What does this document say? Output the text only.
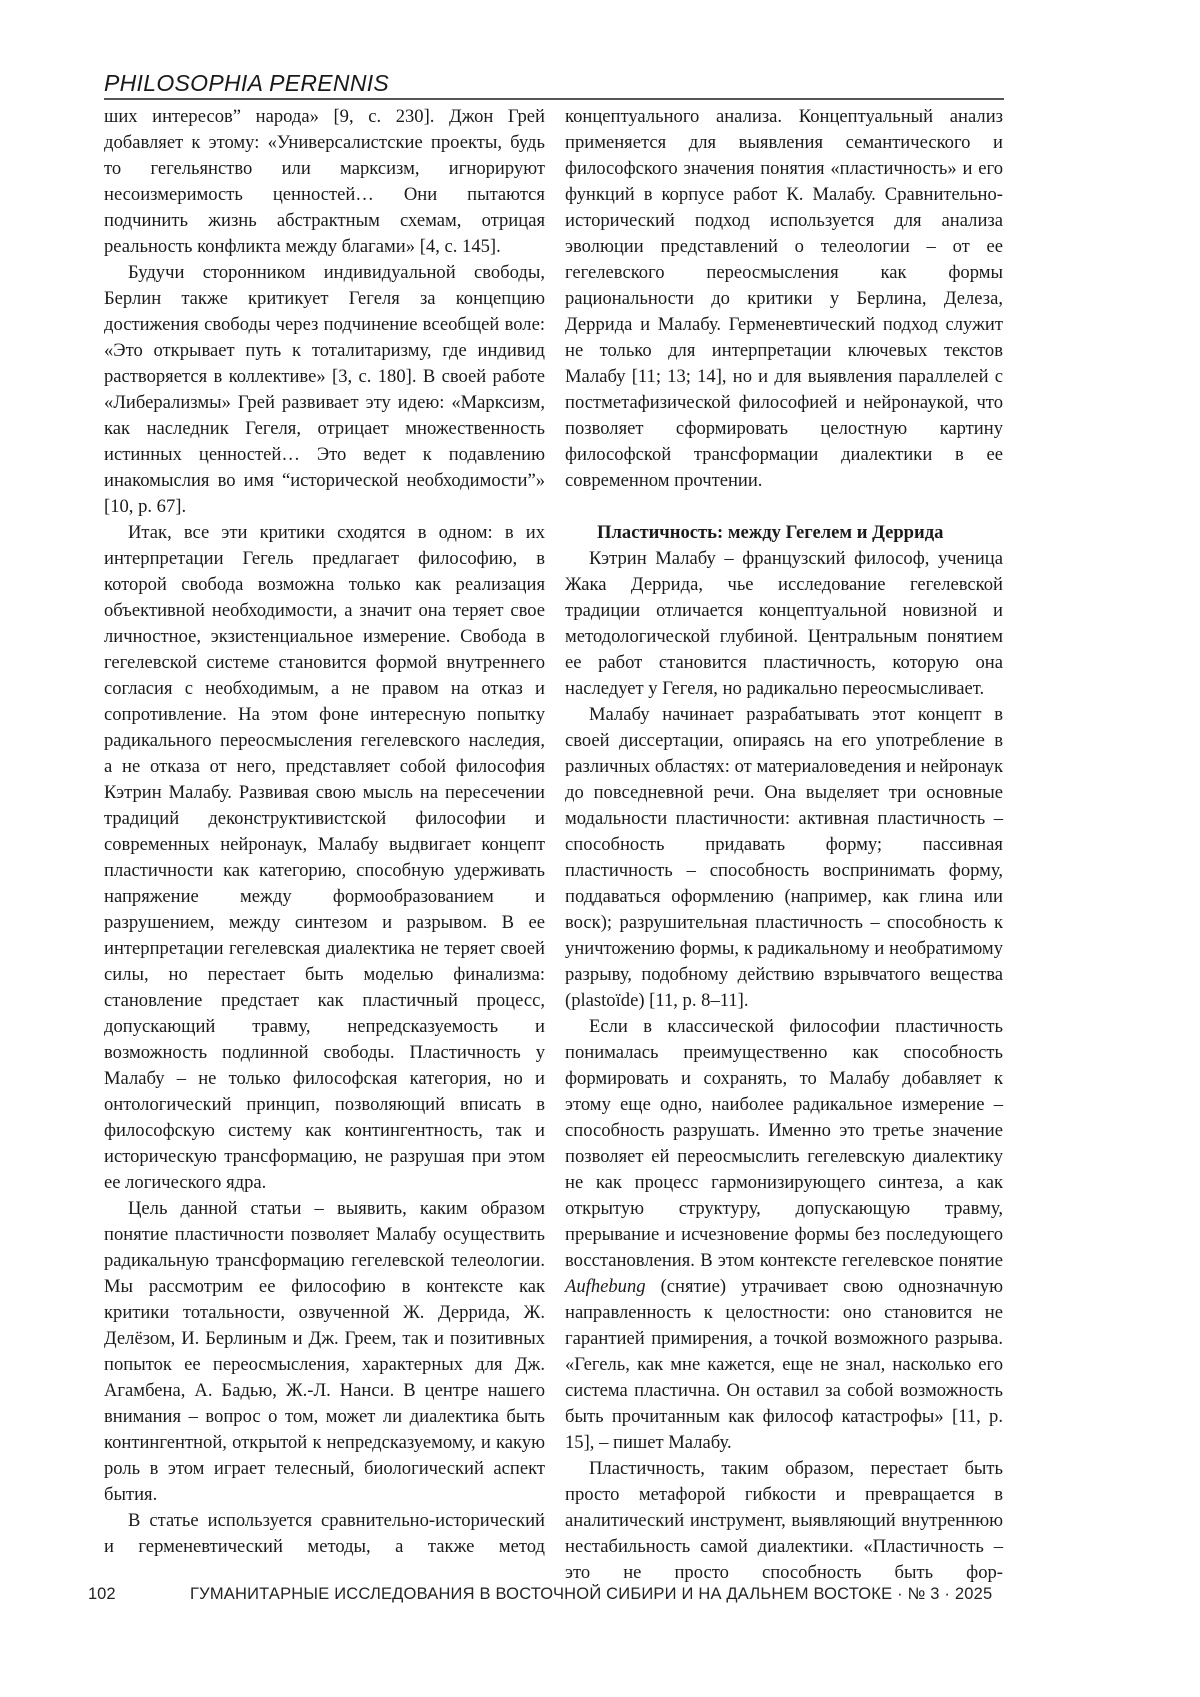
PHILOSOPHIA PERENNIS

ших интересов” народа» [9, с. 230]. Джон Грей добавляет к этому: «Универсалистские проекты, будь то гегельянство или марксизм, игнорируют несоизмеримость ценностей… Они пытаются подчинить жизнь абстрактным схемам, отрицая реальность конфликта между благами» [4, с. 145].

Будучи сторонником индивидуальной свободы, Берлин также критикует Гегеля за концепцию достижения свободы через подчинение всеобщей воле: «Это открывает путь к тоталитаризму, где индивид растворяется в коллективе» [3, с. 180]. В своей работе «Либерализмы» Грей развивает эту идею: «Марксизм, как наследник Гегеля, отрицает множественность истинных ценностей… Это ведет к подавлению инакомыслия во имя “исторической необходимости”» [10, p. 67].

Итак, все эти критики сходятся в одном: в их интерпретации Гегель предлагает философию, в которой свобода возможна только как реализация объективной необходимости, а значит она теряет свое личностное, экзистенциальное измерение. Свобода в гегелевской системе становится формой внутреннего согласия с необходимым, а не правом на отказ и сопротивление. На этом фоне интересную попытку радикального переосмысления гегелевского наследия, а не отказа от него, представляет собой философия Кэтрин Малабу. Развивая свою мысль на пересечении традиций деконструктивистской философии и современных нейронаук, Малабу выдвигает концепт пластичности как категорию, способную удерживать напряжение между формообразованием и разрушением, между синтезом и разрывом. В ее интерпретации гегелевская диалектика не теряет своей силы, но перестает быть моделью финализма: становление предстает как пластичный процесс, допускающий травму, непредсказуемость и возможность подлинной свободы. Пластичность у Малабу – не только философская категория, но и онтологический принцип, позволяющий вписать в философскую систему как контингентность, так и историческую трансформацию, не разрушая при этом ее логического ядра.

Цель данной статьи – выявить, каким образом понятие пластичности позволяет Малабу осуществить радикальную трансформацию гегелевской телеологии. Мы рассмотрим ее философию в контексте как критики тотальности, озвученной Ж. Деррида, Ж. Делёзом, И. Берлиным и Дж. Греем, так и позитивных попыток ее переосмысления, характерных для Дж. Агамбена, А. Бадью, Ж.-Л. Нанси. В центре нашего внимания – вопрос о том, может ли диалектика быть контингентной, открытой к непредсказуемому, и какую роль в этом играет телесный, биологический аспект бытия.

В статье используется сравнительно-исторический и герменевтический методы, а также метод

концептуального анализа. Концептуальный анализ применяется для выявления семантического и философского значения понятия «пластичность» и его функций в корпусе работ К. Малабу. Сравнительно-исторический подход используется для анализа эволюции представлений о телеологии – от ее гегелевского переосмысления как формы рациональности до критики у Берлина, Делеза, Деррида и Малабу. Герменевтический подход служит не только для интерпретации ключевых текстов Малабу [11; 13; 14], но и для выявления параллелей с постметафизической философией и нейронаукой, что позволяет сформировать целостную картину философской трансформации диалектики в ее современном прочтении.

Пластичность: между Гегелем и Деррида

Кэтрин Малабу – французский философ, ученица Жака Деррида, чье исследование гегелевской традиции отличается концептуальной новизной и методологической глубиной. Центральным понятием ее работ становится пластичность, которую она наследует у Гегеля, но радикально переосмысливает.

Малабу начинает разрабатывать этот концепт в своей диссертации, опираясь на его употребление в различных областях: от материаловедения и нейронаук до повседневной речи. Она выделяет три основные модальности пластичности: активная пластичность – способность придавать форму; пассивная пластичность – способность воспринимать форму, поддаваться оформлению (например, как глина или воск); разрушительная пластичность – способность к уничтожению формы, к радикальному и необратимому разрыву, подобному действию взрывчатого вещества (plastoïde) [11, p. 8–11].

Если в классической философии пластичность понималась преимущественно как способность формировать и сохранять, то Малабу добавляет к этому еще одно, наиболее радикальное измерение – способность разрушать. Именно это третье значение позволяет ей переосмыслить гегелевскую диалектику не как процесс гармонизирующего синтеза, а как открытую структуру, допускающую травму, прерывание и исчезновение формы без последующего восстановления. В этом контексте гегелевское понятие Aufhebung (снятие) утрачивает свою однозначную направленность к целостности: оно становится не гарантией примирения, а точкой возможного разрыва. «Гегель, как мне кажется, еще не знал, насколько его система пластична. Он оставил за собой возможность быть прочитанным как философ катастрофы» [11, p. 15], – пишет Малабу.

Пластичность, таким образом, перестает быть просто метафорой гибкости и превращается в аналитический инструмент, выявляющий внутреннюю нестабильность самой диалектики. «Пластичность – это не просто способность быть фор-

102	ГУМАНИТАРНЫЕ ИССЛЕДОВАНИЯ В ВОСТОЧНОЙ СИБИРИ И НА ДАЛЬНЕМ ВОСТОКЕ · № 3 · 2025
